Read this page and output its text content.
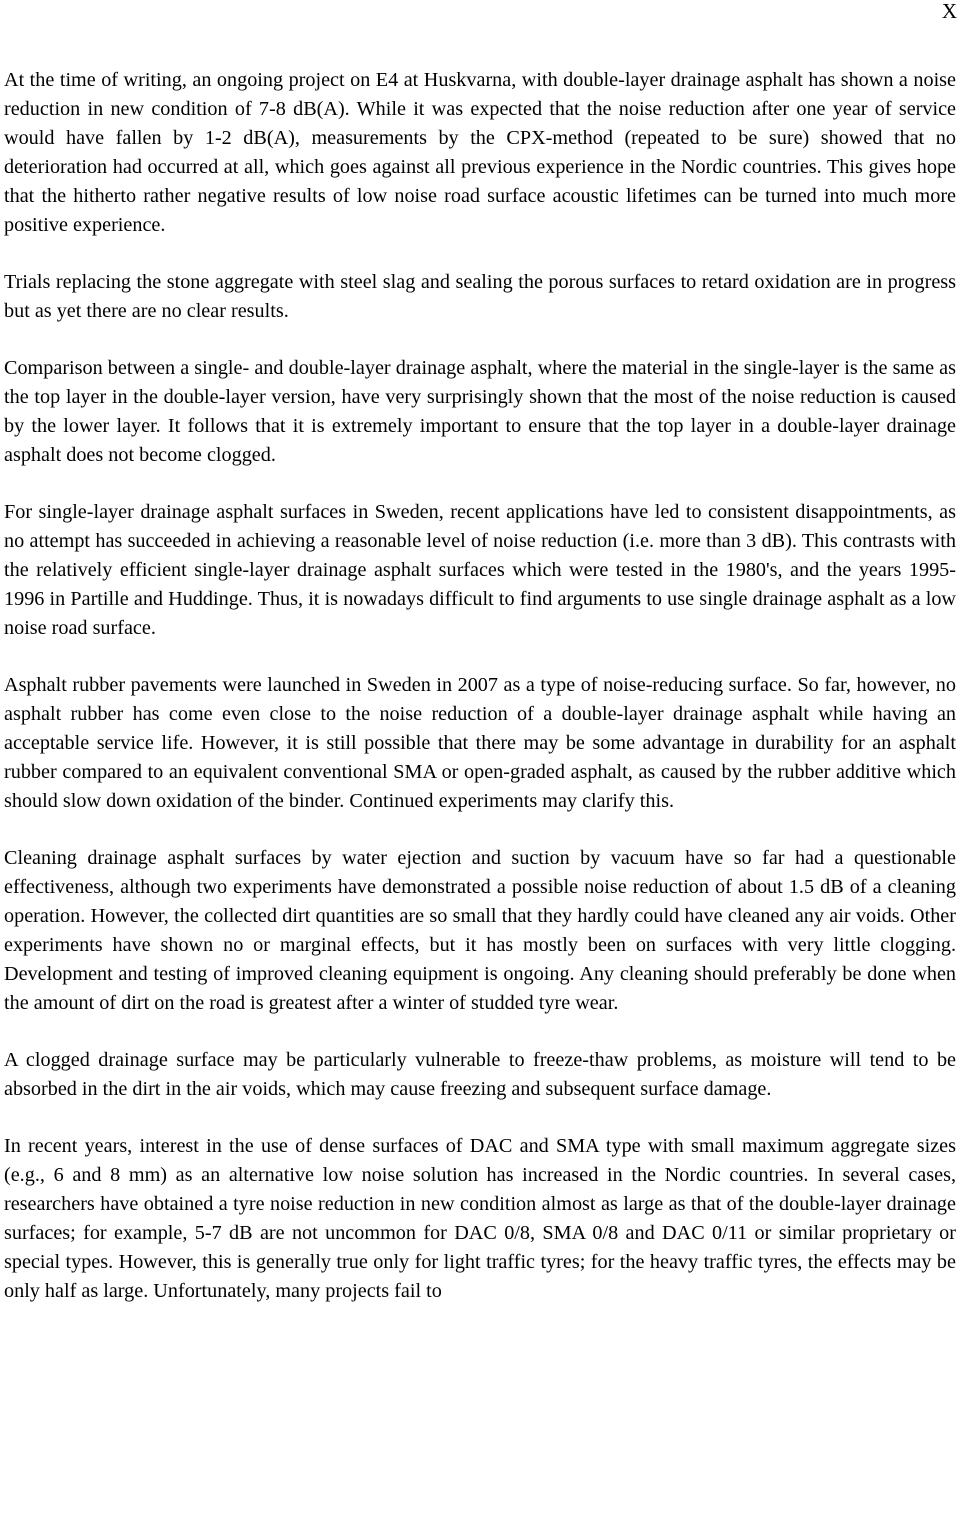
X

At the time of writing, an ongoing project on E4 at Huskvarna, with double-layer drainage asphalt has shown a noise reduction in new condition of 7-8 dB(A). While it was expected that the noise reduction after one year of service would have fallen by 1-2 dB(A), measurements by the CPX-method (repeated to be sure) showed that no deterioration had occurred at all, which goes against all previous experience in the Nordic countries. This gives hope that the hitherto rather negative results of low noise road surface acoustic lifetimes can be turned into much more positive experience.

Trials replacing the stone aggregate with steel slag and sealing the porous surfaces to retard oxidation are in progress but as yet there are no clear results.

Comparison between a single- and double-layer drainage asphalt, where the material in the single-layer is the same as the top layer in the double-layer version, have very surprisingly shown that the most of the noise reduction is caused by the lower layer. It follows that it is extremely important to ensure that the top layer in a double-layer drainage asphalt does not become clogged.

For single-layer drainage asphalt surfaces in Sweden, recent applications have led to consistent disappointments, as no attempt has succeeded in achieving a reasonable level of noise reduction (i.e. more than 3 dB). This contrasts with the relatively efficient single-layer drainage asphalt surfaces which were tested in the 1980's, and the years 1995-1996 in Partille and Huddinge. Thus, it is nowadays difficult to find arguments to use single drainage asphalt as a low noise road surface.

Asphalt rubber pavements were launched in Sweden in 2007 as a type of noise-reducing surface. So far, however, no asphalt rubber has come even close to the noise reduction of a double-layer drainage asphalt while having an acceptable service life. However, it is still possible that there may be some advantage in durability for an asphalt rubber compared to an equivalent conventional SMA or open-graded asphalt, as caused by the rubber additive which should slow down oxidation of the binder. Continued experiments may clarify this.

Cleaning drainage asphalt surfaces by water ejection and suction by vacuum have so far had a questionable effectiveness, although two experiments have demonstrated a possible noise reduction of about 1.5 dB of a cleaning operation. However, the collected dirt quantities are so small that they hardly could have cleaned any air voids. Other experiments have shown no or marginal effects, but it has mostly been on surfaces with very little clogging. Development and testing of improved cleaning equipment is ongoing. Any cleaning should preferably be done when the amount of dirt on the road is greatest after a winter of studded tyre wear.

A clogged drainage surface may be particularly vulnerable to freeze-thaw problems, as moisture will tend to be absorbed in the dirt in the air voids, which may cause freezing and subsequent surface damage.

In recent years, interest in the use of dense surfaces of DAC and SMA type with small maximum aggregate sizes (e.g., 6 and 8 mm) as an alternative low noise solution has increased in the Nordic countries. In several cases, researchers have obtained a tyre noise reduction in new condition almost as large as that of the double-layer drainage surfaces; for example, 5-7 dB are not uncommon for DAC 0/8, SMA 0/8 and DAC 0/11 or similar proprietary or special types. However, this is generally true only for light traffic tyres; for the heavy traffic tyres, the effects may be only half as large. Unfortunately, many projects fail to
